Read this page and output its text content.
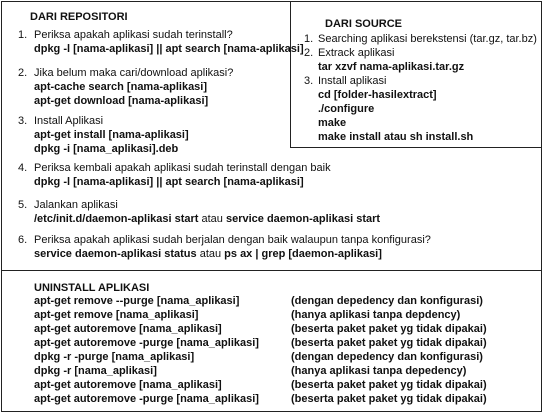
DARI REPOSITORI
1. Periksa apakah aplikasi sudah terinstall?
dpkg -l [nama-aplikasi] || apt search [nama-aplikasi]
2. Jika belum maka cari/download aplikasi?
apt-cache search [nama-aplikasi]
apt-get download [nama-aplikasi]
3. Install Aplikasi
apt-get install [nama-aplikasi]
dpkg -i [nama_aplikasi].deb
4. Periksa kembali apakah aplikasi sudah terinstall dengan baik
dpkg -l [nama-aplikasi] || apt search [nama-aplikasi]
5. Jalankan aplikasi
/etc/init.d/daemon-aplikasi start atau service daemon-aplikasi start
6. Periksa apakah aplikasi sudah berjalan dengan baik walaupun tanpa konfigurasi?
service daemon-aplikasi status atau ps ax | grep [daemon-aplikasi]
DARI SOURCE
1. Searching aplikasi berekstensi (tar.gz, tar.bz)
2. Extrack aplikasi
tar xzvf nama-aplikasi.tar.gz
3. Install aplikasi
cd [folder-hasilextract]
./configure
make
make install atau sh install.sh
UNINSTALL APLIKASI
apt-get remove --purge [nama_aplikasi]	(dengan depedency dan konfigurasi)
apt-get remove [nama_aplikasi]	(hanya aplikasi tanpa depdency)
apt-get autoremove [nama_aplikasi]	(beserta paket paket yg tidak dipakai)
apt-get autoremove -purge [nama_aplikasi]	(beserta paket paket yg tidak dipakai)
dpkg -r -purge [nama_aplikasi]	(dengan depedency dan konfigurasi)
dpkg -r [nama_aplikasi]	(hanya aplikasi tanpa depedency)
apt-get autoremove [nama_aplikasi]	(beserta paket paket yg tidak dipakai)
apt-get autoremove -purge [nama_aplikasi]	(beserta paket paket yg tidak dipakai)
